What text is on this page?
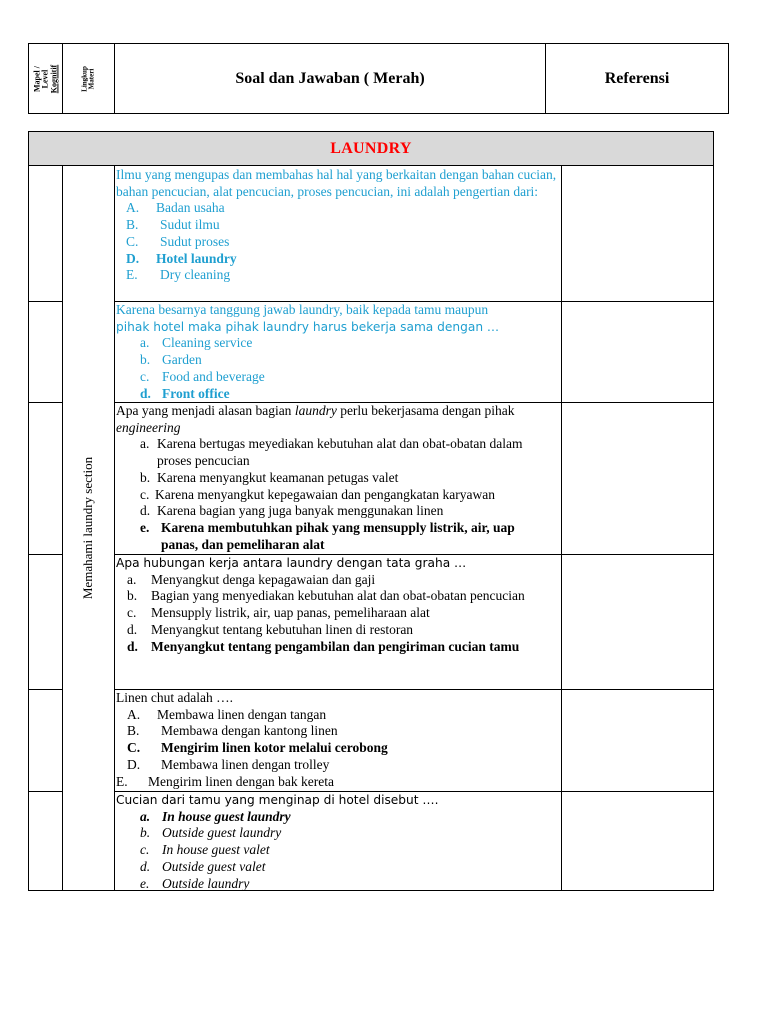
Mapel / Level Kognitif	Lingkup Materi	Soal dan Jawaban ( Merah)	Referensi
LAUNDRY
Memahami laundry section

Ilmu yang mengupas dan membahas hal hal yang berkaitan dengan bahan cucian, bahan pencucian, alat pencucian, proses pencucian, ini adalah pengertian dari:

A.	Badan usaha
B.	Sudut ilmu
C.	Sudut proses
D.	Hotel laundry
E.	Dry cleaning

Karena besarnya tanggung jawab laundry, baik kepada tamu maupun

pihak hotel maka pihak laundry harus bekerja sama dengan …

a. Cleaning service
b. Garden
c. Food and beverage
d. Front office

Apa yang menjadi alasan bagian laundry perlu bekerjasama dengan pihak engineering

a. Karena bertugas meyediakan kebutuhan alat dan obat-obatan dalam proses pencucian
b. Karena menyangkut keamanan petugas valet
c. Karena menyangkut kepegawaian dan pengangkatan karyawan
d. Karena bagian yang juga banyak menggunakan linen
e. Karena membutuhkan pihak yang mensupply listrik, air, uap panas, dan pemeliharan alat

Apa hubungan kerja antara laundry dengan tata graha …

a.	Menyangkut denga kepagawaian dan gaji
b.	Bagian yang menyediakan kebutuhan alat dan obat-obatan pencucian
c.	Mensupply listrik, air, uap panas, pemeliharaan alat
d.	Menyangkut tentang kebutuhan linen di restoran
d. Menyangkut tentang pengambilan dan pengiriman cucian tamu

Linen chut adalah ….

A.	Membawa linen dengan tangan
B.	Membawa dengan kantong linen
C.	Mengirim linen kotor melalui cerobong
D.	Membawa linen dengan trolley
E.	Mengirim linen dengan bak kereta

Cucian dari tamu yang menginap di hotel disebut ….

a. In house guest laundry
b. Outside guest laundry
c. In house guest valet
d. Outside guest valet
e. Outside laundry
